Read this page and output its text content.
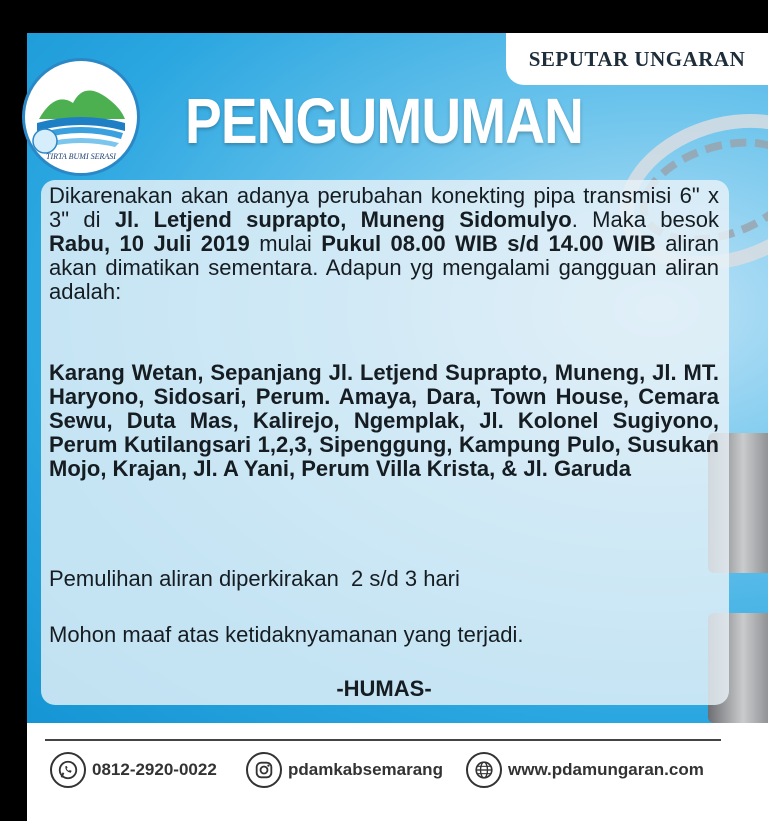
SEPUTAR UNGARAN
TIRTA BUMI SERASI	PENGUMUMAN
Dikarenakan akan adanya perubahan konekting pipa transmisi 6" x 3" di Jl. Letjend suprapto, Muneng Sidomulyo. Maka besok Rabu, 10 Juli 2019 mulai Pukul 08.00 WIB s/d 14.00 WIB aliran akan dimatikan sementara. Adapun yg mengalami gangguan aliran adalah:
Karang Wetan, Sepanjang Jl. Letjend Suprapto, Muneng, Jl. MT. Haryono, Sidosari, Perum. Amaya, Dara, Town House, Cemara Sewu, Duta Mas, Kalirejo, Ngemplak, Jl. Kolonel Sugiyono, Perum Kutilangsari 1,2,3, Sipenggung, Kampung Pulo, Susukan Mojo, Krajan, Jl. A Yani, Perum Villa Krista, & Jl. Garuda
Pemulihan aliran diperkirakan  2 s/d 3 hari
Mohon maaf atas ketidaknyamanan yang terjadi.
-HUMAS-
0812-2920-0022	pdamkabsemarang	www.pdamungaran.com
